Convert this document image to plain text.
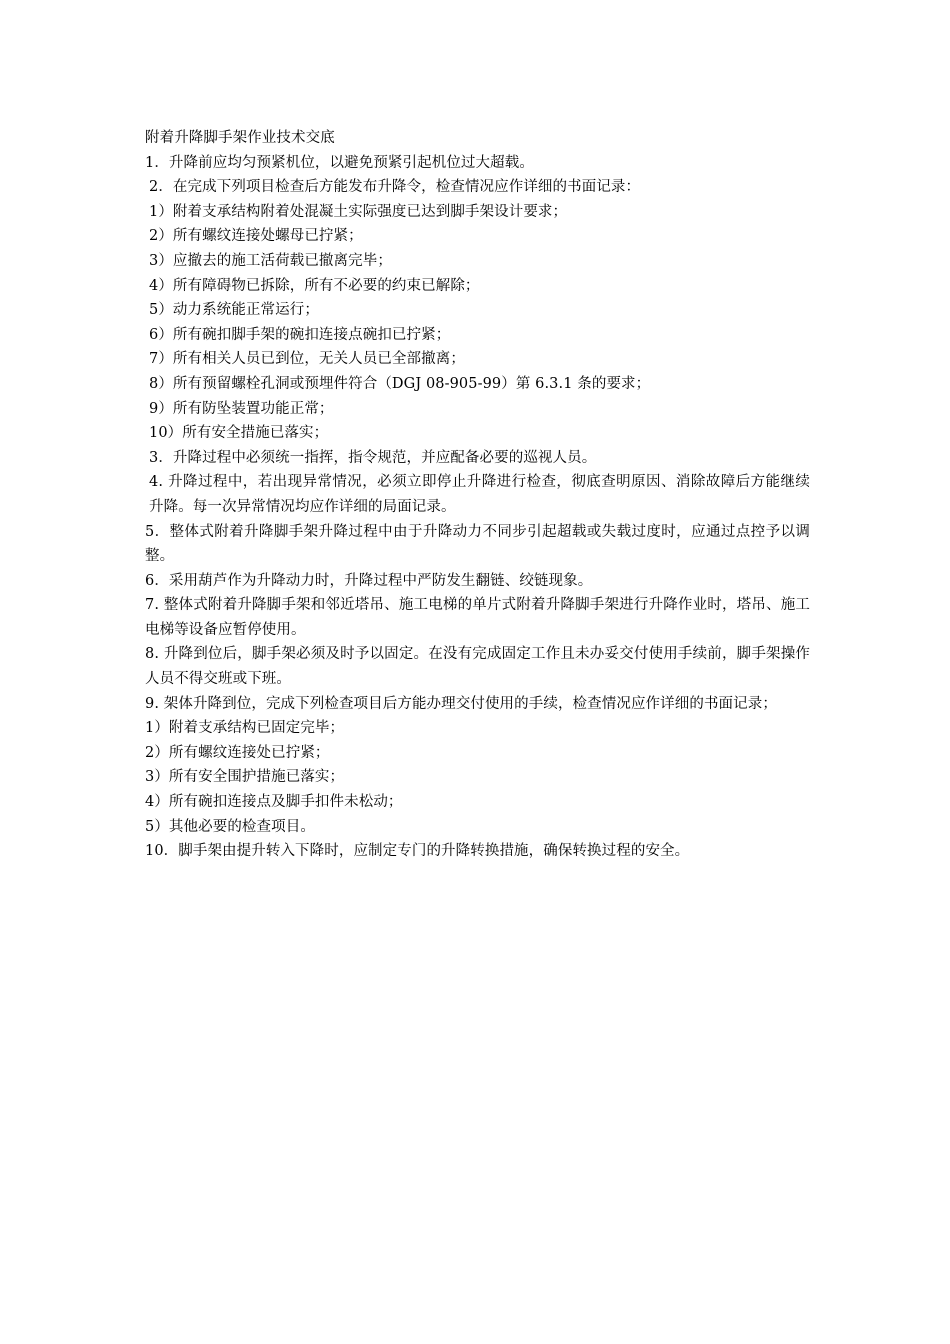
附着升降脚手架作业技术交底
1．升降前应均匀预紧机位，以避免预紧引起机位过大超载。
2．在完成下列项目检查后方能发布升降令，检查情况应作详细的书面记录：
1）附着支承结构附着处混凝土实际强度已达到脚手架设计要求；
2）所有螺纹连接处螺母已拧紧；
3）应撤去的施工活荷载已撤离完毕；
4）所有障碍物已拆除，所有不必要的约束已解除；
5）动力系统能正常运行；
6）所有碗扣脚手架的碗扣连接点碗扣已拧紧；
7）所有相关人员已到位，无关人员已全部撤离；
8）所有预留螺栓孔洞或预埋件符合（DGJ 08-905-99）第 6.3.1 条的要求；
9）所有防坠装置功能正常；
10）所有安全措施已落实；
3．升降过程中必须统一指挥，指令规范，并应配备必要的巡视人员。
4. 升降过程中，若出现异常情况，必须立即停止升降进行检查，彻底查明原因、消除故障后方能继续升降。每一次异常情况均应作详细的局面记录。
5．整体式附着升降脚手架升降过程中由于升降动力不同步引起超载或失载过度时，应通过点控予以调整。
6．采用葫芦作为升降动力时，升降过程中严防发生翻链、绞链现象。
7. 整体式附着升降脚手架和邻近塔吊、施工电梯的单片式附着升降脚手架进行升降作业时，塔吊、施工电梯等设备应暂停使用。
8. 升降到位后，脚手架必须及时予以固定。在没有完成固定工作且未办妥交付使用手续前，脚手架操作人员不得交班或下班。
9. 架体升降到位，完成下列检查项目后方能办理交付使用的手续，检查情况应作详细的书面记录；
1）附着支承结构已固定完毕；
2）所有螺纹连接处已拧紧；
3）所有安全围护措施已落实；
4）所有碗扣连接点及脚手扣件未松动；
5）其他必要的检查项目。
10．脚手架由提升转入下降时，应制定专门的升降转换措施，确保转换过程的安全。
